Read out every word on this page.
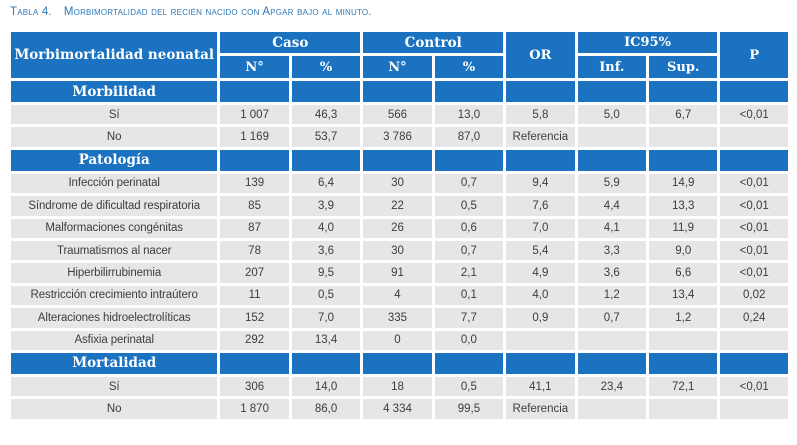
Tabla 4. Morbimortalidad del recién nacido con Apgar bajo al minuto.
Morbimortalidad neonatal	Caso		Control		OR	IC95%		P
	N°	%	N°	%		Inf.	Sup.	
Morbilidad								
Sí	1 007	46,3	566	13,0	5,8	5,0	6,7	<0,01
No	1 169	53,7	3 786	87,0	Referencia			
Patología								
Infección perinatal	139	6,4	30	0,7	9,4	5,9	14,9	<0,01
Síndrome de dificultad respiratoria	85	3,9	22	0,5	7,6	4,4	13,3	<0,01
Malformaciones congénitas	87	4,0	26	0,6	7,0	4,1	11,9	<0,01
Traumatismos al nacer	78	3,6	30	0,7	5,4	3,3	9,0	<0,01
Hiperbilirrubinemia	207	9,5	91	2,1	4,9	3,6	6,6	<0,01
Restricción crecimiento intraútero	11	0,5	4	0,1	4,0	1,2	13,4	0,02
Alteraciones hidroelectrolíticas	152	7,0	335	7,7	0,9	0,7	1,2	0,24
Asfixia perinatal	292	13,4	0	0,0				
Mortalidad								
Sí	306	14,0	18	0,5	41,1	23,4	72,1	<0,01
No	1 870	86,0	4 334	99,5	Referencia			
